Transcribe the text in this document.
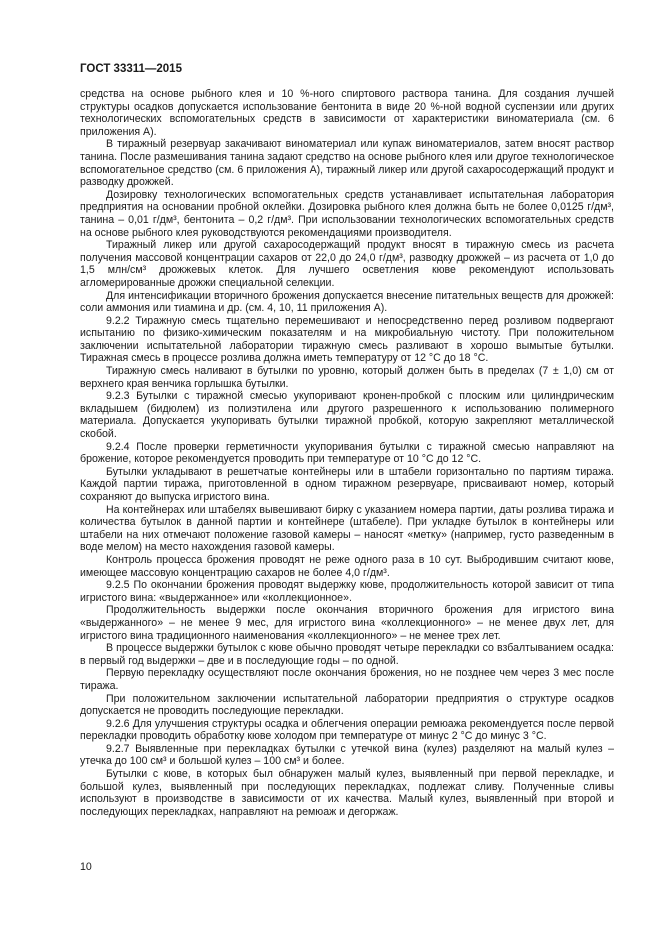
ГОСТ 33311—2015

средства на основе рыбного клея и 10 %-ного спиртового раствора танина. Для создания лучшей структуры осадков допускается использование бентонита в виде 20 %-ной водной суспензии или других технологических вспомогательных средств в зависимости от характеристики виноматериала (см. 6 приложения А).

В тиражный резервуар закачивают виноматериал или купаж виноматериалов, затем вносят раствор танина. После размешивания танина задают средство на основе рыбного клея или другое технологическое вспомогательное средство (см. 6 приложения А), тиражный ликер или другой сахаросодержащий продукт и разводку дрожжей.

Дозировку технологических вспомогательных средств устанавливает испытательная лаборатория предприятия на основании пробной оклейки. Дозировка рыбного клея должна быть не более 0,0125 г/дм³, танина – 0,01 г/дм³, бентонита – 0,2 г/дм³. При использовании технологических вспомогательных средств на основе рыбного клея руководствуются рекомендациями производителя.

Тиражный ликер или другой сахаросодержащий продукт вносят в тиражную смесь из расчета получения массовой концентрации сахаров от 22,0 до 24,0 г/дм³, разводку дрожжей – из расчета от 1,0 до 1,5 млн/см³ дрожжевых клеток. Для лучшего осветления кюве рекомендуют использовать агломерированные дрожжи специальной селекции.

Для интенсификации вторичного брожения допускается внесение питательных веществ для дрожжей: соли аммония или тиамина и др. (см. 4, 10, 11 приложения А).

9.2.2 Тиражную смесь тщательно перемешивают и непосредственно перед розливом подвергают испытанию по физико-химическим показателям и на микробиальную чистоту. При положительном заключении испытательной лаборатории тиражную смесь разливают в хорошо вымытые бутылки. Тиражная смесь в процессе розлива должна иметь температуру от 12 °C до 18 °C.

Тиражную смесь наливают в бутылки по уровню, который должен быть в пределах (7 ± 1,0) см от верхнего края венчика горлышка бутылки.

9.2.3 Бутылки с тиражной смесью укупоривают кронен-пробкой с плоским или цилиндрическим вкладышем (бидюлем) из полиэтилена или другого разрешенного к использованию полимерного материала. Допускается укупоривать бутылки тиражной пробкой, которую закрепляют металлической скобой.

9.2.4 После проверки герметичности укупоривания бутылки с тиражной смесью направляют на брожение, которое рекомендуется проводить при температуре от 10 °C до 12 °C.

Бутылки укладывают в решетчатые контейнеры или в штабели горизонтально по партиям тиража. Каждой партии тиража, приготовленной в одном тиражном резервуаре, присваивают номер, который сохраняют до выпуска игристого вина.

На контейнерах или штабелях вывешивают бирку с указанием номера партии, даты розлива тиража и количества бутылок в данной партии и контейнере (штабеле). При укладке бутылок в контейнеры или штабели на них отмечают положение газовой камеры – наносят «метку» (например, густо разведенным в воде мелом) на место нахождения газовой камеры.

Контроль процесса брожения проводят не реже одного раза в 10 сут. Выбродившим считают кюве, имеющее массовую концентрацию сахаров не более 4,0 г/дм³.

9.2.5 По окончании брожения проводят выдержку кюве, продолжительность которой зависит от типа игристого вина: «выдержанное» или «коллекционное».

Продолжительность выдержки после окончания вторичного брожения для игристого вина «выдержанного» – не менее 9 мес, для игристого вина «коллекционного» – не менее двух лет, для игристого вина традиционного наименования «коллекционного» – не менее трех лет.

В процессе выдержки бутылок с кюве обычно проводят четыре перекладки со взбалтыванием осадка: в первый год выдержки – две и в последующие годы – по одной.

Первую перекладку осуществляют после окончания брожения, но не позднее чем через 3 мес после тиража.

При положительном заключении испытательной лаборатории предприятия о структуре осадков допускается не проводить последующие перекладки.

9.2.6 Для улучшения структуры осадка и облегчения операции ремюажа рекомендуется после первой перекладки проводить обработку кюве холодом при температуре от минус 2 °C до минус 3 °C.

9.2.7 Выявленные при перекладках бутылки с утечкой вина (кулез) разделяют на малый кулез – утечка до 100 см³ и большой кулез – 100 см³ и более.

Бутылки с кюве, в которых был обнаружен малый кулез, выявленный при первой перекладке, и большой кулез, выявленный при последующих перекладках, подлежат сливу. Полученные сливы используют в производстве в зависимости от их качества. Малый кулез, выявленный при второй и последующих перекладках, направляют на ремюаж и дегоржаж.

10
